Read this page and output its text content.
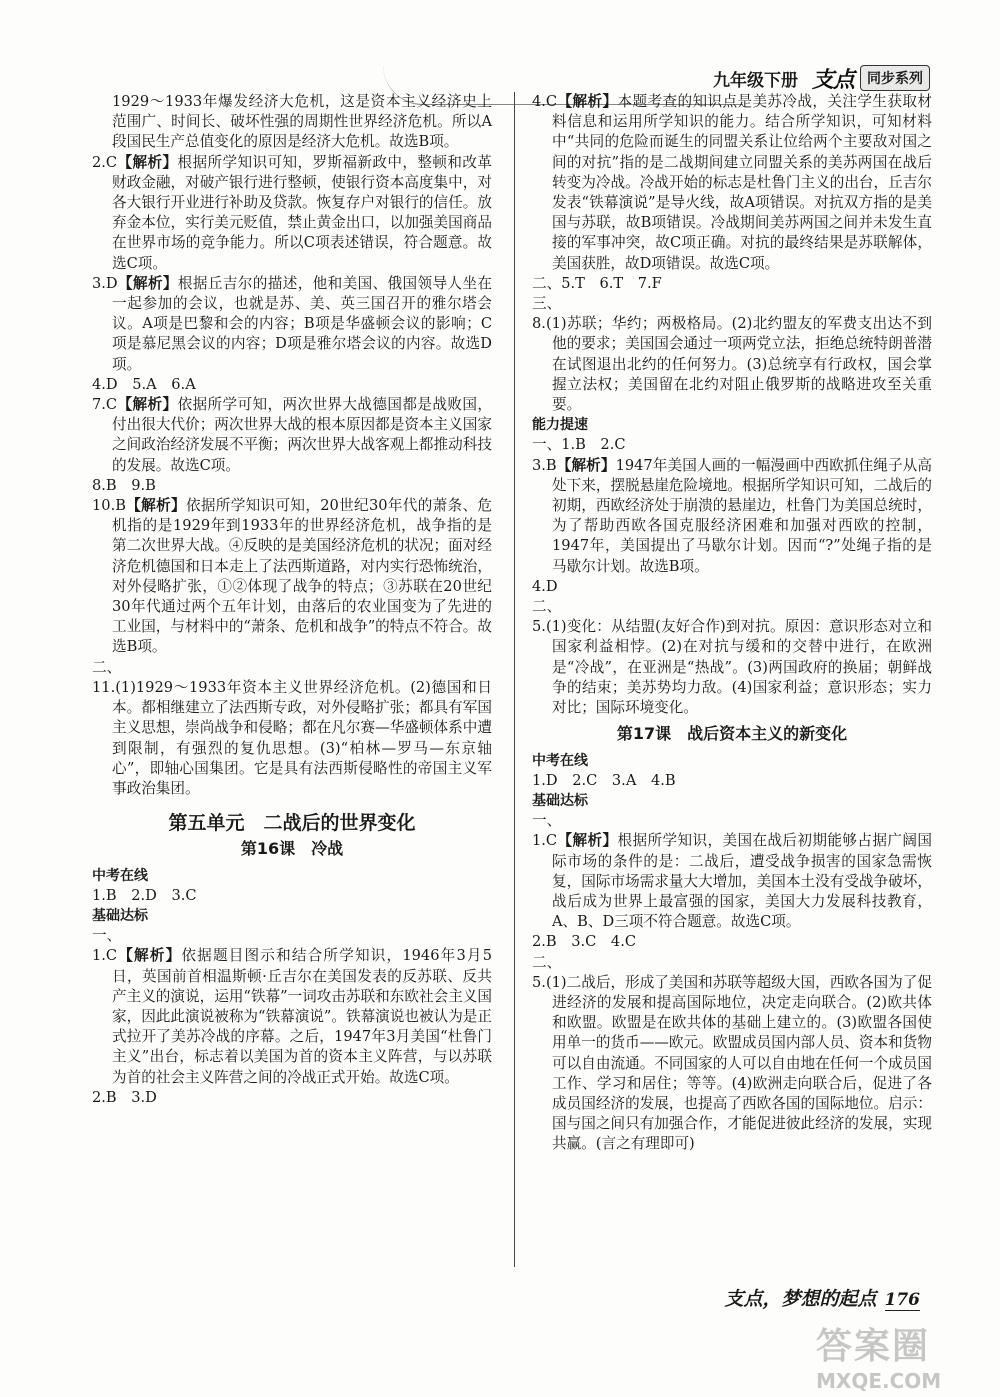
九年级下册 支点 同步系列

1929～1933年爆发经济大危机，这是资本主义经济史上范围广、时间长、破坏性强的周期性世界经济危机。所以A段国民生产总值变化的原因是经济大危机。故选B项。

2.C【解析】根据所学知识可知，罗斯福新政中，整顿和改革财政金融，对破产银行进行整顿，使银行资本高度集中，对各大银行开业进行补助及贷款。恢复存户对银行的信任。放弃金本位，实行美元贬值，禁止黄金出口，以加强美国商品在世界市场的竞争能力。所以C项表述错误，符合题意。故选C项。

3.D【解析】根据丘吉尔的描述，他和美国、俄国领导人坐在一起参加的会议，也就是苏、美、英三国召开的雅尔塔会议。A项是巴黎和会的内容；B项是华盛顿会议的影响；C项是慕尼黑会议的内容；D项是雅尔塔会议的内容。故选D项。

4.D　5.A　6.A

7.C【解析】依据所学可知，两次世界大战德国都是战败国，付出很大代价；两次世界大战的根本原因都是资本主义国家之间政治经济发展不平衡；两次世界大战客观上都推动科技的发展。故选C项。

8.B　9.B

10.B【解析】依据所学知识可知，20世纪30年代的萧条、危机指的是1929年到1933年的世界经济危机，战争指的是第二次世界大战。④反映的是美国经济危机的状况；面对经济危机德国和日本走上了法西斯道路，对内实行恐怖统治，对外侵略扩张，①②体现了战争的特点；③苏联在20世纪30年代通过两个五年计划，由落后的农业国变为了先进的工业国，与材料中的“萧条、危机和战争”的特点不符合。故选B项。

二、

11.(1)1929～1933年资本主义世界经济危机。(2)德国和日本。都相继建立了法西斯专政，对外侵略扩张；都具有军国主义思想，崇尚战争和侵略；都在凡尔赛—华盛顿体系中遭到限制，有强烈的复仇思想。(3)“柏林—罗马—东京轴心”，即轴心国集团。它是具有法西斯侵略性的帝国主义军事政治集团。

第五单元　二战后的世界变化
第16课　冷战

中考在线

1.B　2.D　3.C

基础达标

一、

1.C【解析】依据题目图示和结合所学知识，1946年3月5日，英国前首相温斯顿·丘吉尔在美国发表的反苏联、反共产主义的演说，运用“铁幕”一词攻击苏联和东欧社会主义国家，因此此演说被称为“铁幕演说”。铁幕演说也被认为是正式拉开了美苏冷战的序幕。之后，1947年3月美国“杜鲁门主义”出台，标志着以美国为首的资本主义阵营，与以苏联为首的社会主义阵营之间的冷战正式开始。故选C项。

2.B　3.D

4.C【解析】本题考查的知识点是美苏冷战，关注学生获取材料信息和运用所学知识的能力。结合所学知识，可知材料中“共同的危险而诞生的同盟关系让位给两个主要敌对国之间的对抗”指的是二战期间建立同盟关系的美苏两国在战后转变为冷战。冷战开始的标志是杜鲁门主义的出台，丘吉尔发表“铁幕演说”是导火线，故A项错误。对抗双方指的是美国与苏联，故B项错误。冷战期间美苏两国之间并未发生直接的军事冲突，故C项正确。对抗的最终结果是苏联解体，美国获胜，故D项错误。故选C项。

二、5.T　6.T　7.F

三、

8.(1)苏联；华约；两极格局。(2)北约盟友的军费支出达不到他的要求；美国国会通过一项两党立法，拒绝总统特朗普潜在试图退出北约的任何努力。(3)总统享有行政权，国会掌握立法权；美国留在北约对阻止俄罗斯的战略进攻至关重要。

能力提速

一、1.B　2.C

3.B【解析】1947年美国人画的一幅漫画中西欧抓住绳子从高处下来，摆脱悬崖危险境地。根据所学知识可知，二战后的初期，西欧经济处于崩溃的悬崖边，杜鲁门为美国总统时，为了帮助西欧各国克服经济困难和加强对西欧的控制，1947年，美国提出了马歇尔计划。因而“?”处绳子指的是马歇尔计划。故选B项。

4.D

二、

5.(1)变化：从结盟(友好合作)到对抗。原因：意识形态对立和国家利益相悖。(2)在对抗与缓和的交替中进行，在欧洲是“冷战”，在亚洲是“热战”。(3)两国政府的换届；朝鲜战争的结束；美苏势均力敌。(4)国家利益；意识形态；实力对比；国际环境变化。

第17课　战后资本主义的新变化

中考在线

1.D　2.C　3.A　4.B

基础达标

一、

1.C【解析】根据所学知识，美国在战后初期能够占据广阔国际市场的条件的是：二战后，遭受战争损害的国家急需恢复，国际市场需求量大大增加，美国本土没有受战争破坏，战后成为世界上最富强的国家，美国大力发展科技教育，A、B、D三项不符合题意。故选C项。

2.B　3.C　4.C

二、

5.(1)二战后，形成了美国和苏联等超级大国，西欧各国为了促进经济的发展和提高国际地位，决定走向联合。(2)欧共体和欧盟。欧盟是在欧共体的基础上建立的。(3)欧盟各国使用单一的货币——欧元。欧盟成员国内部人员、资本和货物可以自由流通。不同国家的人可以自由地在任何一个成员国工作、学习和居住；等等。(4)欧洲走向联合后，促进了各成员国经济的发展，也提高了西欧各国的国际地位。启示：国与国之间只有加强合作，才能促进彼此经济的发展，实现共赢。(言之有理即可)

支点，梦想的起点 176
答案圈
MXQE.COM
